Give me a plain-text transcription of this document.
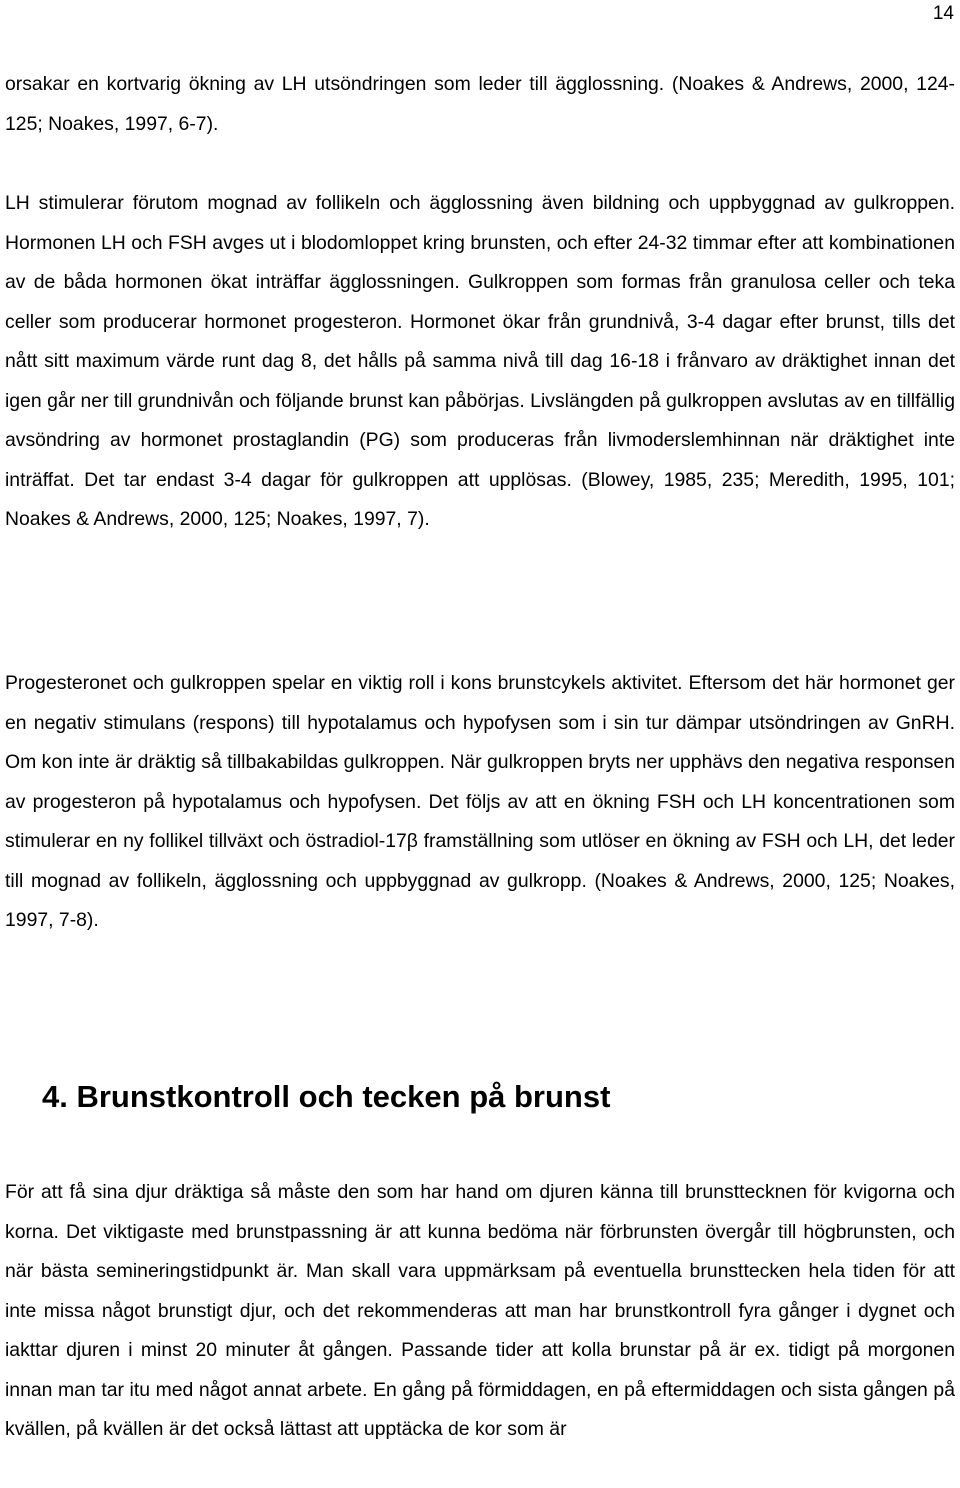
14

orsakar en kortvarig ökning av LH utsöndringen som leder till ägglossning. (Noakes & Andrews, 2000, 124-125; Noakes, 1997, 6-7).

LH stimulerar förutom mognad av follikeln och ägglossning även bildning och uppbyggnad av gulkroppen. Hormonen LH och FSH avges ut i blodomloppet kring brunsten, och efter 24-32 timmar efter att kombinationen av de båda hormonen ökat inträffar ägglossningen. Gulkroppen som formas från granulosa celler och teka celler som producerar hormonet progesteron. Hormonet ökar från grundnivå, 3-4 dagar efter brunst, tills det nått sitt maximum värde runt dag 8, det hålls på samma nivå till dag 16-18 i frånvaro av dräktighet innan det igen går ner till grundnivån och följande brunst kan påbörjas. Livslängden på gulkroppen avslutas av en tillfällig avsöndring av hormonet prostaglandin (PG) som produceras från livmoderslemhinnan när dräktighet inte inträffat. Det tar endast 3-4 dagar för gulkroppen att upplösas. (Blowey, 1985, 235; Meredith, 1995, 101; Noakes & Andrews, 2000, 125; Noakes, 1997, 7).

Progesteronet och gulkroppen spelar en viktig roll i kons brunstcykels aktivitet. Eftersom det här hormonet ger en negativ stimulans (respons) till hypotalamus och hypofysen som i sin tur dämpar utsöndringen av GnRH. Om kon inte är dräktig så tillbakabildas gulkroppen. När gulkroppen bryts ner upphävs den negativa responsen av progesteron på hypotalamus och hypofysen. Det följs av att en ökning FSH och LH koncentrationen som stimulerar en ny follikel tillväxt och östradiol-17β framställning som utlöser en ökning av FSH och LH, det leder till mognad av follikeln, ägglossning och uppbyggnad av gulkropp. (Noakes & Andrews, 2000, 125; Noakes, 1997, 7-8).

4. Brunstkontroll och tecken på brunst

För att få sina djur dräktiga så måste den som har hand om djuren känna till brunsttecknen för kvigorna och korna. Det viktigaste med brunstpassning är att kunna bedöma när förbrunsten övergår till högbrunsten, och när bästa semineringstidpunkt är. Man skall vara uppmärksam på eventuella brunsttecken hela tiden för att inte missa något brunstigt djur, och det rekommenderas att man har brunstkontroll fyra gånger i dygnet och iakttar djuren i minst 20 minuter åt gången. Passande tider att kolla brunstar på är ex. tidigt på morgonen innan man tar itu med något annat arbete. En gång på förmiddagen, en på eftermiddagen och sista gången på kvällen, på kvällen är det också lättast att upptäcka de kor som är
